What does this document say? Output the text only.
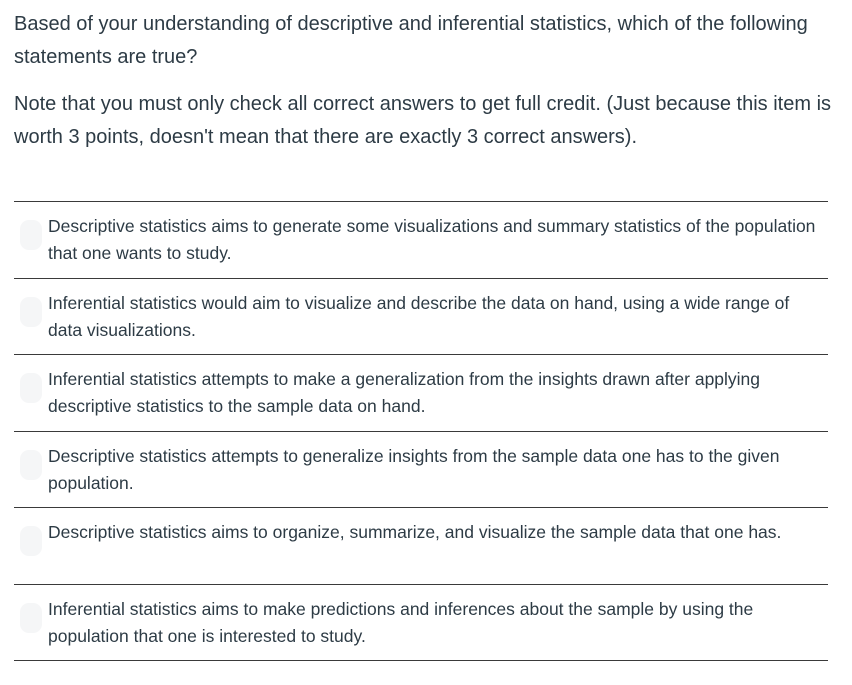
Based of your understanding of descriptive and inferential statistics, which of the following statements are true?

Note that you must only check all correct answers to get full credit. (Just because this item is worth 3 points, doesn't mean that there are exactly 3 correct answers).

Descriptive statistics aims to generate some visualizations and summary statistics of the population that one wants to study.
Inferential statistics would aim to visualize and describe the data on hand, using a wide range of data visualizations.
Inferential statistics attempts to make a generalization from the insights drawn after applying descriptive statistics to the sample data on hand.
Descriptive statistics attempts to generalize insights from the sample data one has to the given population.
Descriptive statistics aims to organize, summarize, and visualize the sample data that one has.
Inferential statistics aims to make predictions and inferences about the sample by using the population that one is interested to study.
